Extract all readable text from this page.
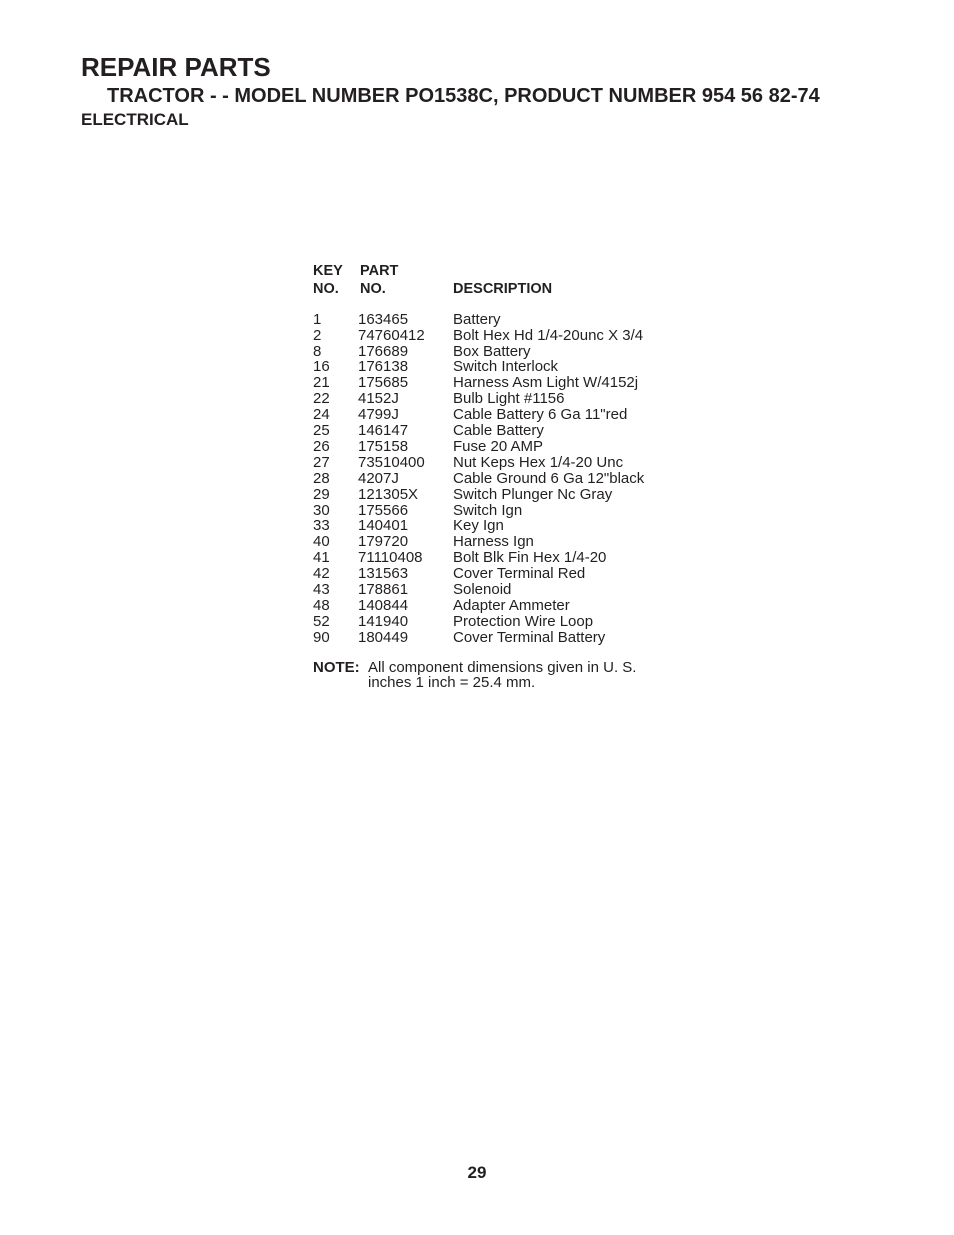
REPAIR PARTS
TRACTOR - - MODEL NUMBER PO1538C, PRODUCT NUMBER 954 56 82-74
ELECTRICAL
KEY	PART
NO.	NO.	DESCRIPTION
1	163465	Battery
2	74760412	Bolt Hex Hd 1/4-20unc X 3/4
8	176689	Box Battery
16	176138	Switch Interlock
21	175685	Harness Asm Light W/4152j
22	4152J	Bulb Light #1156
24	4799J	Cable Battery 6 Ga 11"red
25	146147	Cable Battery
26	175158	Fuse 20 AMP
27	73510400	Nut Keps Hex 1/4-20 Unc
28	4207J	Cable Ground 6 Ga 12"black
29	121305X	Switch Plunger Nc Gray
30	175566	Switch Ign
33	140401	Key Ign
40	179720	Harness Ign
41	71110408	Bolt Blk Fin Hex 1/4-20
42	131563	Cover Terminal Red
43	178861	Solenoid
48	140844	Adapter Ammeter
52	141940	Protection Wire Loop
90	180449	Cover Terminal Battery
NOTE: All component dimensions given in U. S. inches 1 inch = 25.4 mm.
29
